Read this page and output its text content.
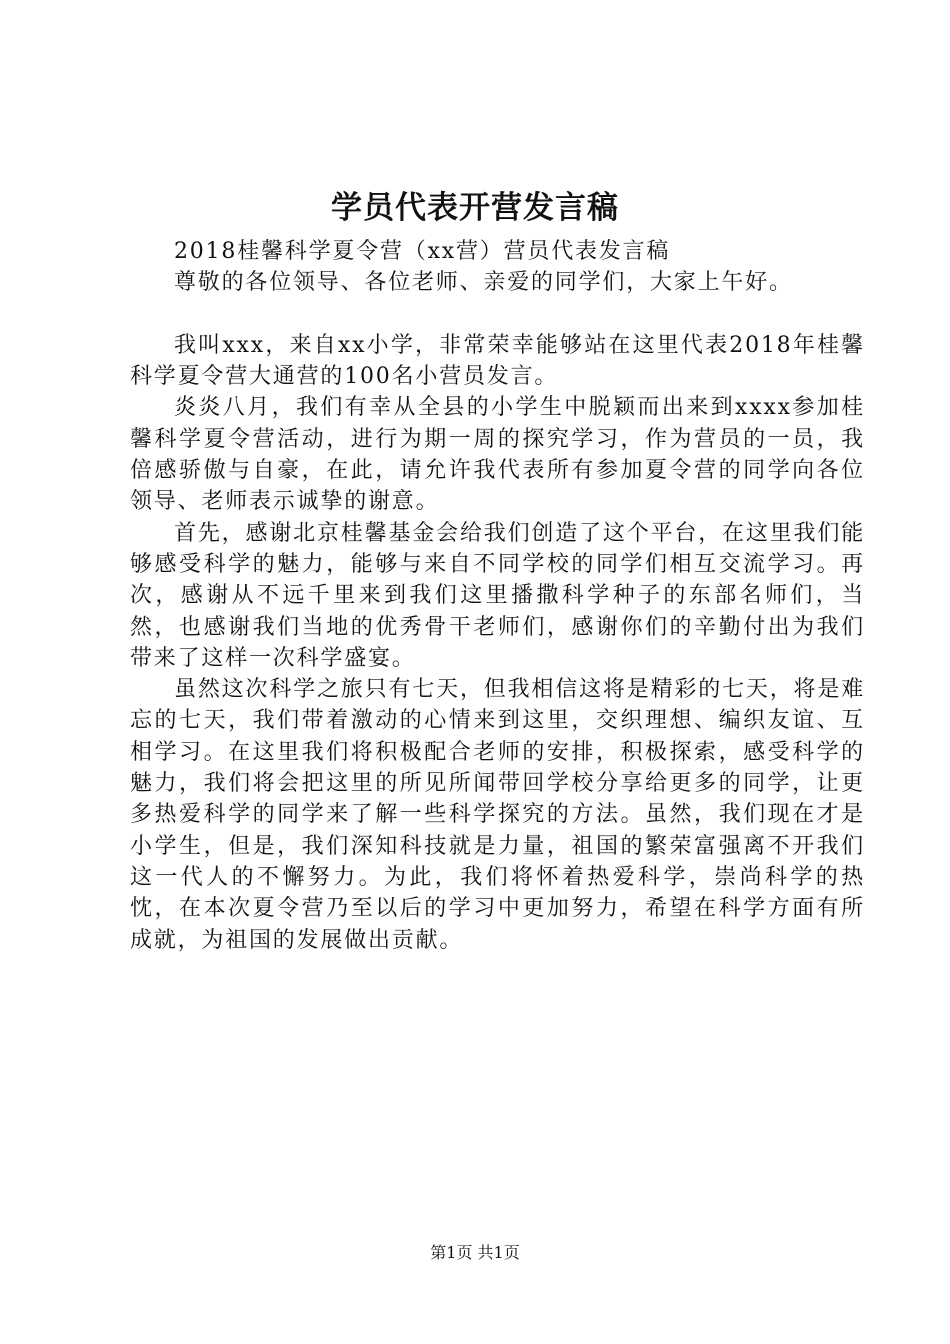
学员代表开营发言稿

2018桂馨科学夏令营（xx营）营员代表发言稿

尊敬的各位领导、各位老师、亲爱的同学们，大家上午好。

我叫xxx，来自xx小学，非常荣幸能够站在这里代表2018年桂馨科学夏令营大通营的100名小营员发言。

炎炎八月，我们有幸从全县的小学生中脱颖而出来到xxxx参加桂馨科学夏令营活动，进行为期一周的探究学习，作为营员的一员，我倍感骄傲与自豪，在此，请允许我代表所有参加夏令营的同学向各位领导、老师表示诚挚的谢意。

首先，感谢北京桂馨基金会给我们创造了这个平台，在这里我们能够感受科学的魅力，能够与来自不同学校的同学们相互交流学习。再次，感谢从不远千里来到我们这里播撒科学种子的东部名师们，当然，也感谢我们当地的优秀骨干老师们，感谢你们的辛勤付出为我们带来了这样一次科学盛宴。

虽然这次科学之旅只有七天，但我相信这将是精彩的七天，将是难忘的七天，我们带着激动的心情来到这里，交织理想、编织友谊、互相学习。在这里我们将积极配合老师的安排，积极探索，感受科学的魅力，我们将会把这里的所见所闻带回学校分享给更多的同学，让更多热爱科学的同学来了解一些科学探究的方法。虽然，我们现在才是小学生，但是，我们深知科技就是力量，祖国的繁荣富强离不开我们这一代人的不懈努力。为此，我们将怀着热爱科学，崇尚科学的热忱，在本次夏令营乃至以后的学习中更加努力，希望在科学方面有所成就，为祖国的发展做出贡献。

第1页 共1页
